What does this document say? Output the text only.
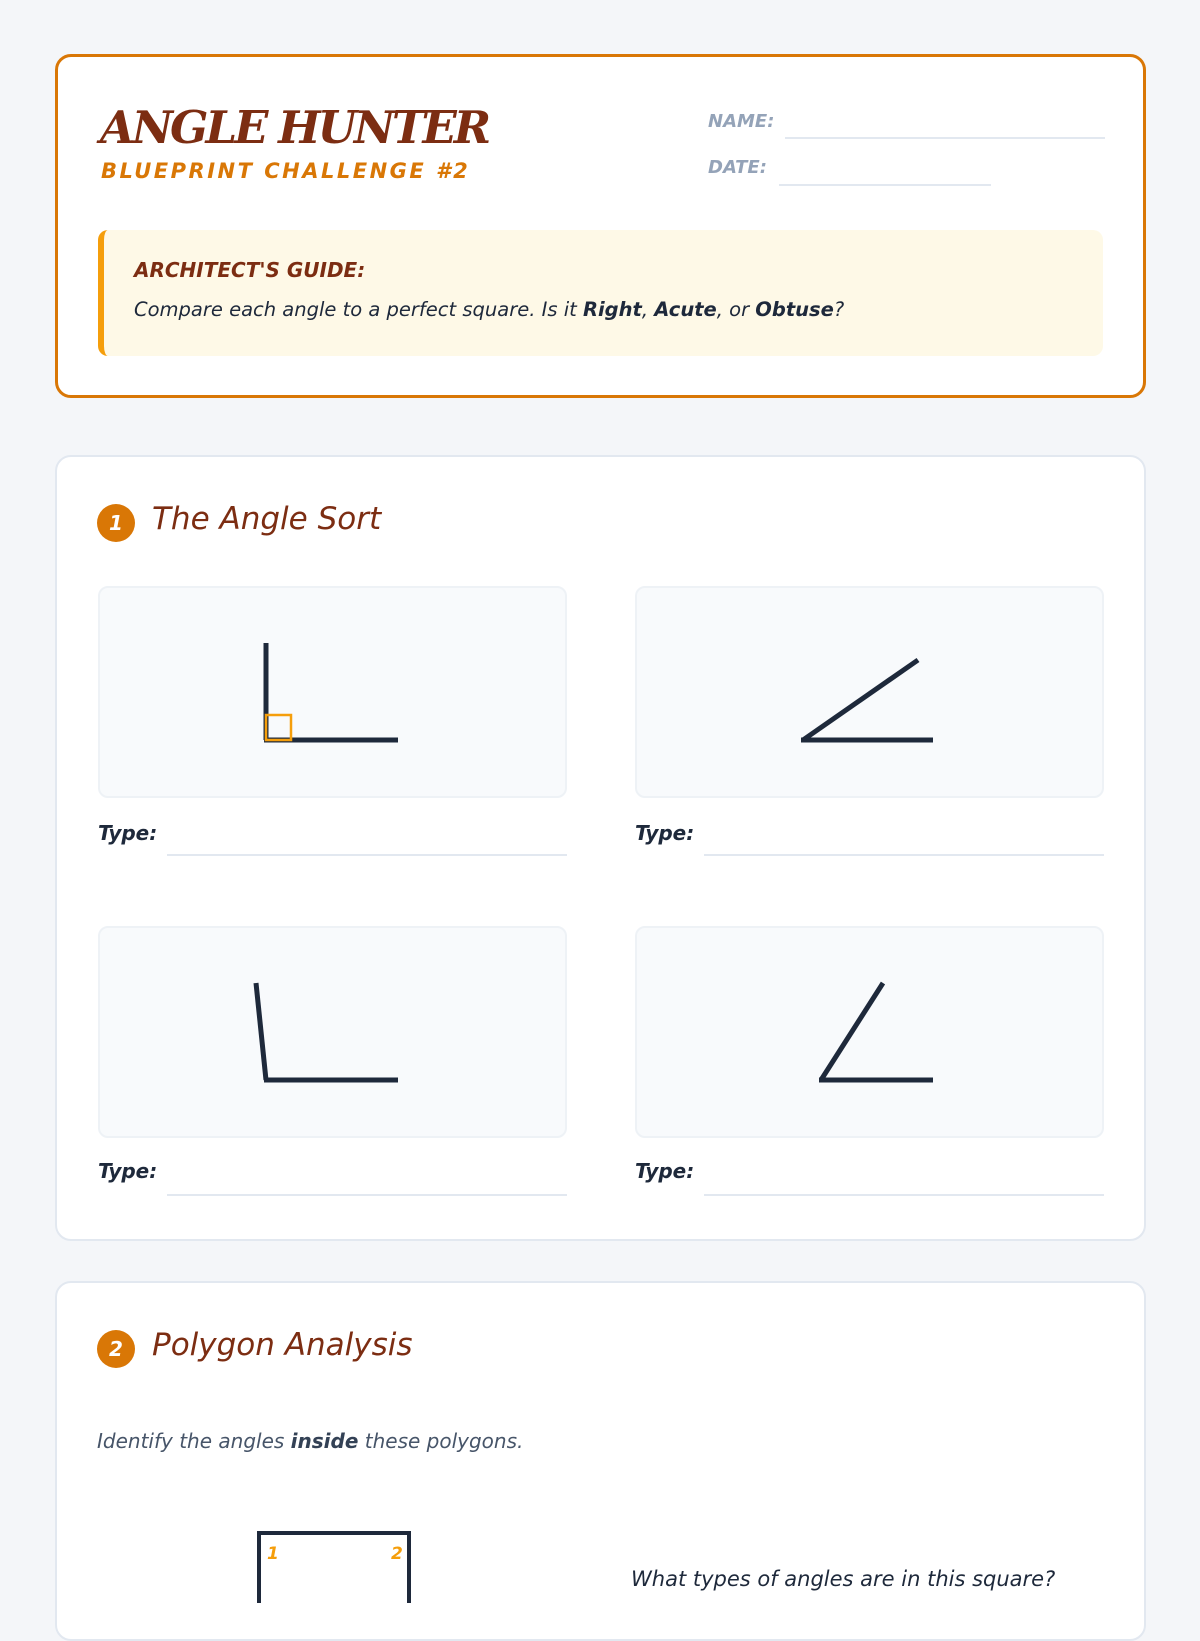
ANGLE HUNTER
BLUEPRINT CHALLENGE #2
NAME:
DATE:
ARCHITECT'S GUIDE:
Compare each angle to a perfect square. Is it Right, Acute, or Obtuse?
1 The Angle Sort
Type:	Type:
Type:	Type:
2 Polygon Analysis
Identify the angles inside these polygons.
1	2
What types of angles are in this square?
